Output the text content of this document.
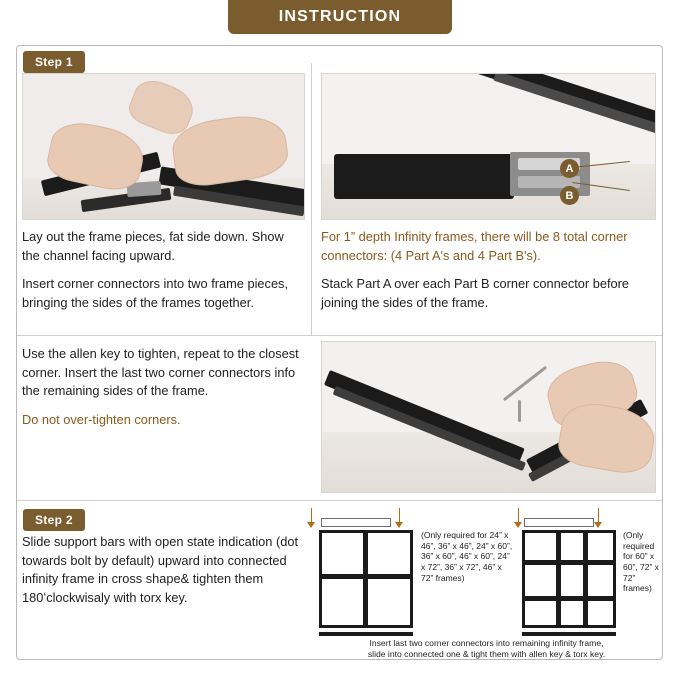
INSTRUCTION
Step 1
A
B

Lay out the frame pieces, fat side down. Show the channel facing upward.

Insert corner connectors into two frame pieces, bringing the sides of the frames together.

For 1” depth Infinity frames, there will be 8 total corner connectors: (4 Part A's and 4 Part B's).

Stack Part A over each Part B corner connector before joining the sides of the frame.

Use the allen key to tighten, repeat to the closest corner. Insert the last two corner connectors info the remaining sides of the frame.

Do not over-tighten corners.

Step 2

Slide support bars with open state indication (dot towards bolt by default) upward into connected infinity frame in cross shape& tighten them 180ʻclockwisaly with torx key.

(Only required for 24” x 46”, 36” x 46”, 24” x 60”, 36” x 60”, 46” x 60”, 24” x 72”, 36” x 72”, 46” x 72” frames)
(Only required for 60” x 60”, 72” x 72” frames)
Insert last two corner connectors into remaining infinity frame,
slide into connected one & tight them with allen key & torx key.
